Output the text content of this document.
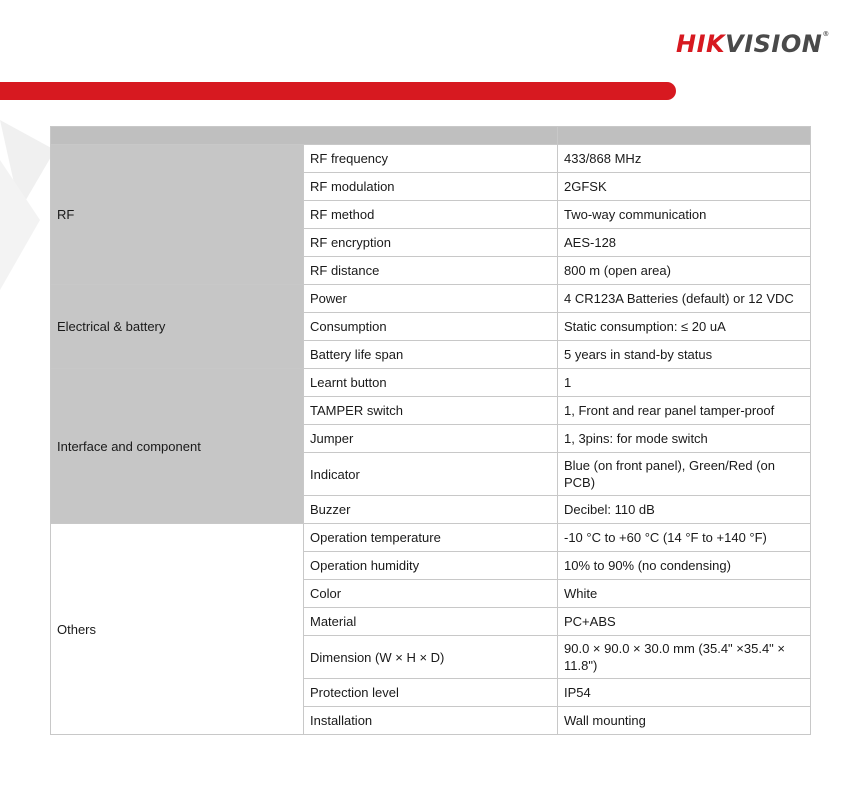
HIKVISION®

RF	RF frequency	433/868 MHz
	RF modulation	2GFSK
	RF method	Two-way communication
	RF encryption	AES-128
	RF distance	800 m (open area)
Electrical & battery	Power	4 CR123A Batteries (default) or 12 VDC
	Consumption	Static consumption: ≤ 20 uA
	Battery life span	5 years in stand-by status
Interface and component	Learnt button	1
	TAMPER switch	1, Front and rear panel tamper-proof
	Jumper	1, 3pins: for mode switch
	Indicator	Blue (on front panel), Green/Red (on PCB)
	Buzzer	Decibel: 110 dB
Others	Operation temperature	-10 °C to +60 °C (14 °F to +140 °F)
	Operation humidity	10% to 90% (no condensing)
	Color	White
	Material	PC+ABS
	Dimension (W × H × D)	90.0 × 90.0 × 30.0 mm (35.4" ×35.4" × 11.8")
	Protection level	IP54
	Installation	Wall mounting
